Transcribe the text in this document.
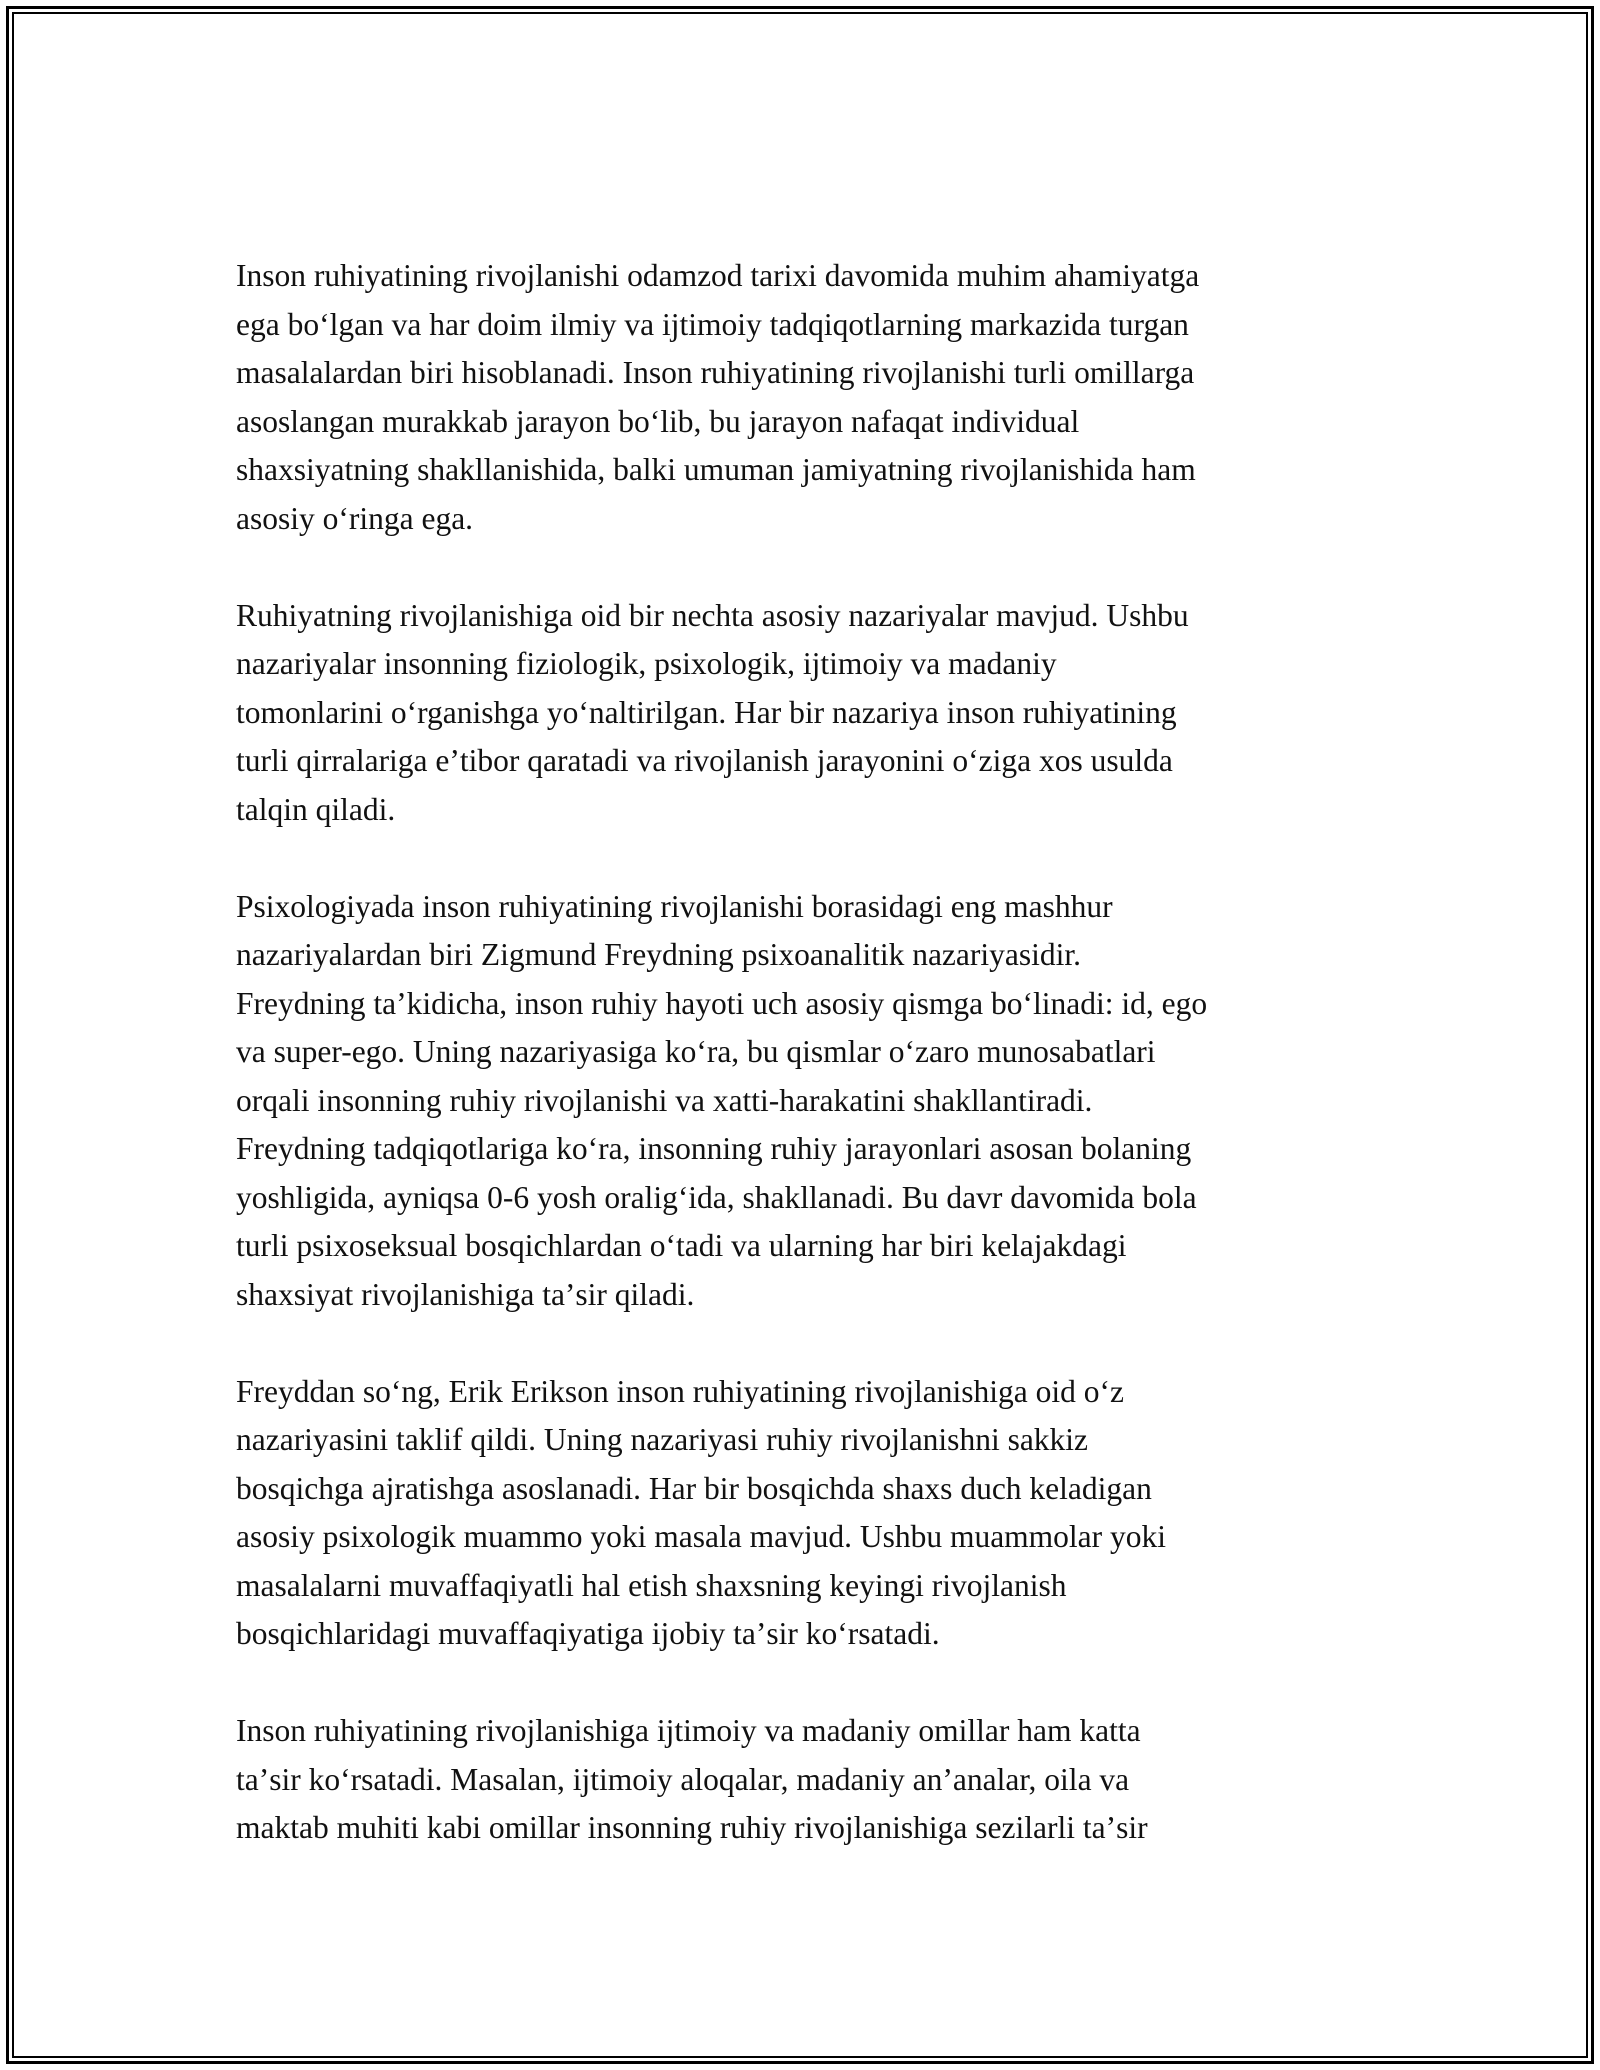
Inson ruhiyatining rivojlanishi odamzod tarixi davomida muhim ahamiyatga
ega boʻlgan va har doim ilmiy va ijtimoiy tadqiqotlarning markazida turgan
masalalardan biri hisoblanadi. Inson ruhiyatining rivojlanishi turli omillarga
asoslangan murakkab jarayon boʻlib, bu jarayon nafaqat individual
shaxsiyatning shakllanishida, balki umuman jamiyatning rivojlanishida ham
asosiy oʻringa ega.

Ruhiyatning rivojlanishiga oid bir nechta asosiy nazariyalar mavjud. Ushbu
nazariyalar insonning fiziologik, psixologik, ijtimoiy va madaniy
tomonlarini oʻrganishga yoʻnaltirilgan. Har bir nazariya inson ruhiyatining
turli qirralariga eʼtibor qaratadi va rivojlanish jarayonini oʻziga xos usulda
talqin qiladi.

Psixologiyada inson ruhiyatining rivojlanishi borasidagi eng mashhur
nazariyalardan biri Zigmund Freydning psixoanalitik nazariyasidir.
Freydning taʼkidicha, inson ruhiy hayoti uch asosiy qismga boʻlinadi: id, ego
va super-ego. Uning nazariyasiga koʻra, bu qismlar oʻzaro munosabatlari
orqali insonning ruhiy rivojlanishi va xatti-harakatini shakllantiradi.
Freydning tadqiqotlariga koʻra, insonning ruhiy jarayonlari asosan bolaning
yoshligida, ayniqsa 0-6 yosh oraligʻida, shakllanadi. Bu davr davomida bola
turli psixoseksual bosqichlardan oʻtadi va ularning har biri kelajakdagi
shaxsiyat rivojlanishiga taʼsir qiladi.

Freyddan soʻng, Erik Erikson inson ruhiyatining rivojlanishiga oid oʻz
nazariyasini taklif qildi. Uning nazariyasi ruhiy rivojlanishni sakkiz
bosqichga ajratishga asoslanadi. Har bir bosqichda shaxs duch keladigan
asosiy psixologik muammo yoki masala mavjud. Ushbu muammolar yoki
masalalarni muvaffaqiyatli hal etish shaxsning keyingi rivojlanish
bosqichlaridagi muvaffaqiyatiga ijobiy taʼsir koʻrsatadi.

Inson ruhiyatining rivojlanishiga ijtimoiy va madaniy omillar ham katta
taʼsir koʻrsatadi. Masalan, ijtimoiy aloqalar, madaniy anʼanalar, oila va
maktab muhiti kabi omillar insonning ruhiy rivojlanishiga sezilarli taʼsir
